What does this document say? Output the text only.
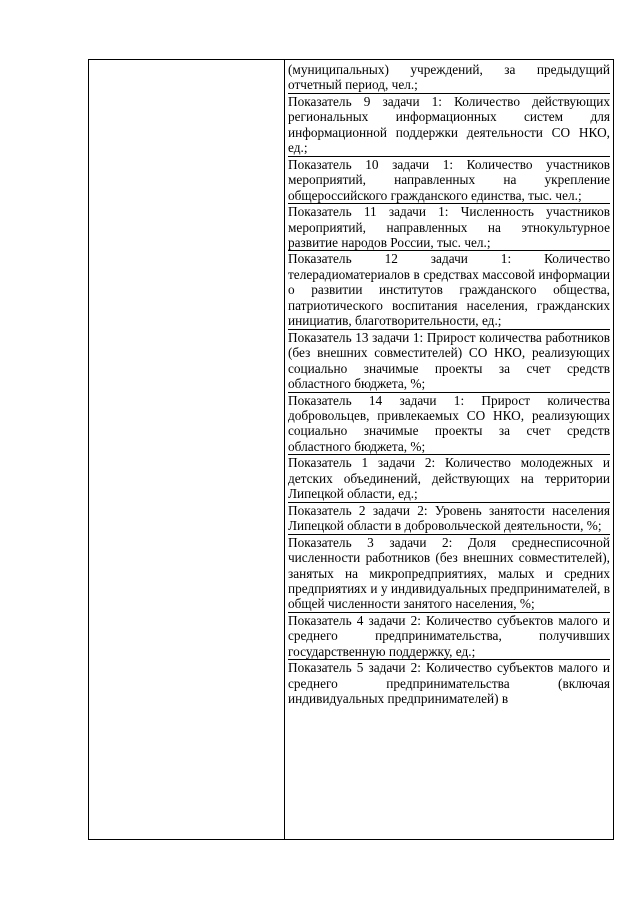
(муниципальных) учреждений, за предыдущий отчетный период, чел.;

Показатель 9 задачи 1: Количество действующих региональных информационных систем для информационной поддержки деятельности СО НКО, ед.;

Показатель 10 задачи 1: Количество участников мероприятий, направленных на укрепление общероссийского гражданского единства, тыс. чел.;

Показатель 11 задачи 1: Численность участников мероприятий, направленных на этнокультурное развитие народов России, тыс. чел.;

Показатель 12 задачи 1: Количество телерадиоматериалов в средствах массовой информации о развитии институтов гражданского общества, патриотического воспитания населения, гражданских инициатив, благотворительности, ед.;

Показатель 13 задачи 1: Прирост количества работников (без внешних совместителей) СО НКО, реализующих социально значимые проекты за счет средств областного бюджета, %;

Показатель 14 задачи 1: Прирост количества добровольцев, привлекаемых СО НКО, реализующих социально значимые проекты за счет средств областного бюджета, %;

Показатель 1 задачи 2: Количество молодежных и детских объединений, действующих на территории Липецкой области, ед.;

Показатель 2 задачи 2: Уровень занятости населения Липецкой области в добровольческой деятельности, %;

Показатель 3 задачи 2: Доля среднесписочной численности работников (без внешних совместителей), занятых на микропредприятиях, малых и средних предприятиях и у индивидуальных предпринимателей, в общей численности занятого населения, %;

Показатель 4 задачи 2: Количество субъектов малого и среднего предпринимательства, получивших государственную поддержку, ед.;

Показатель 5 задачи 2: Количество субъектов малого и среднего предпринимательства (включая индивидуальных предпринимателей) в
